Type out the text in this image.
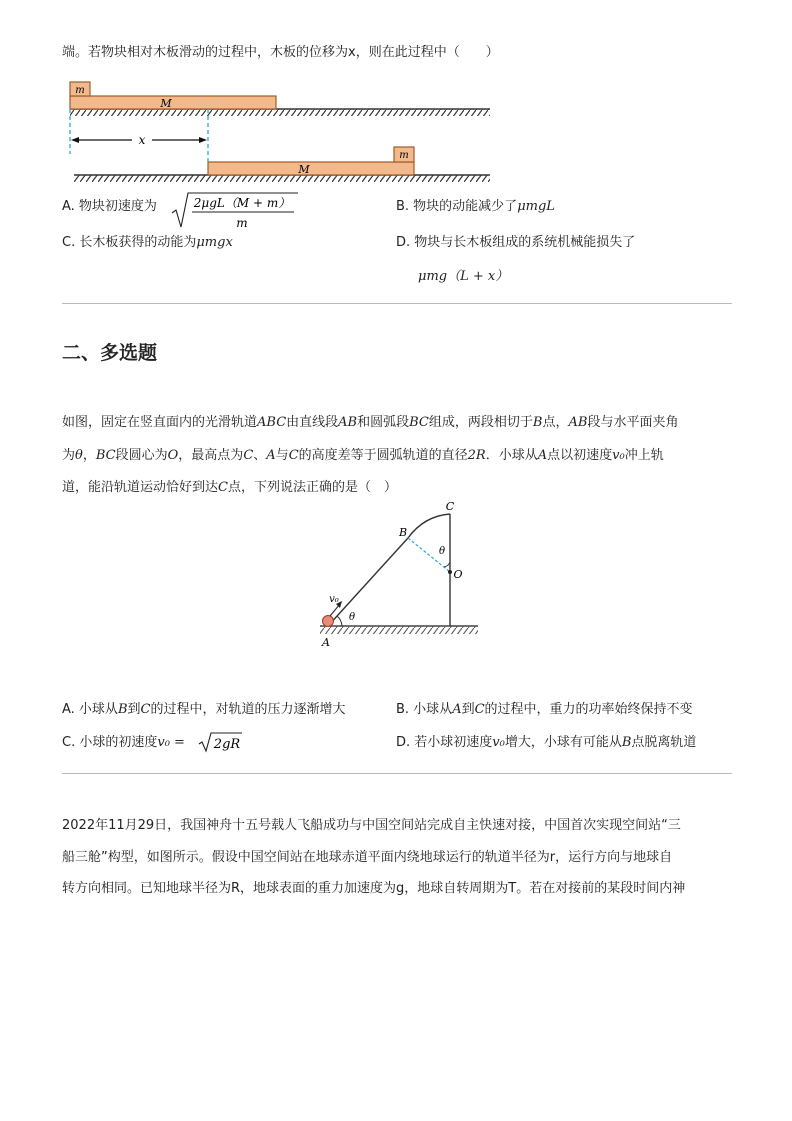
端。若物块相对木板滑动的过程中，木板的位移为x，则在此过程中（　　）
x
m
M
m
M
A. 物块初速度为	2μgL（M + m）
m
B. 物块的动能减少了μmgL
C. 长木板获得的动能为μmgx	D. 物块与长木板组成的系统机械能损失了
μmg（L + x）
二、多选题
如图，固定在竖直面内的光滑轨道ABC由直线段AB和圆弧段BC组成，两段相切于B点，AB段与水平面夹角
为θ，BC段圆心为O，最高点为C、A与C的高度差等于圆弧轨道的直径2R．小球从A点以初速度v₀冲上轨
道，能沿轨道运动恰好到达C点，下列说法正确的是（　）
A
B
C
O
θ
θ
v₀
A. 小球从B到C的过程中，对轨道的压力逐渐增大	B. 小球从A到C的过程中，重力的功率始终保持不变
C. 小球的初速度v₀ = 2gR	D. 若小球初速度v₀增大，小球有可能从B点脱离轨道
2022年11月29日，我国神舟十五号载人飞船成功与中国空间站完成自主快速对接，中国首次实现空间站“三
船三舱”构型，如图所示。假设中国空间站在地球赤道平面内绕地球运行的轨道半径为r，运行方向与地球自
转方向相同。已知地球半径为R，地球表面的重力加速度为g，地球自转周期为T。若在对接前的某段时间内神
